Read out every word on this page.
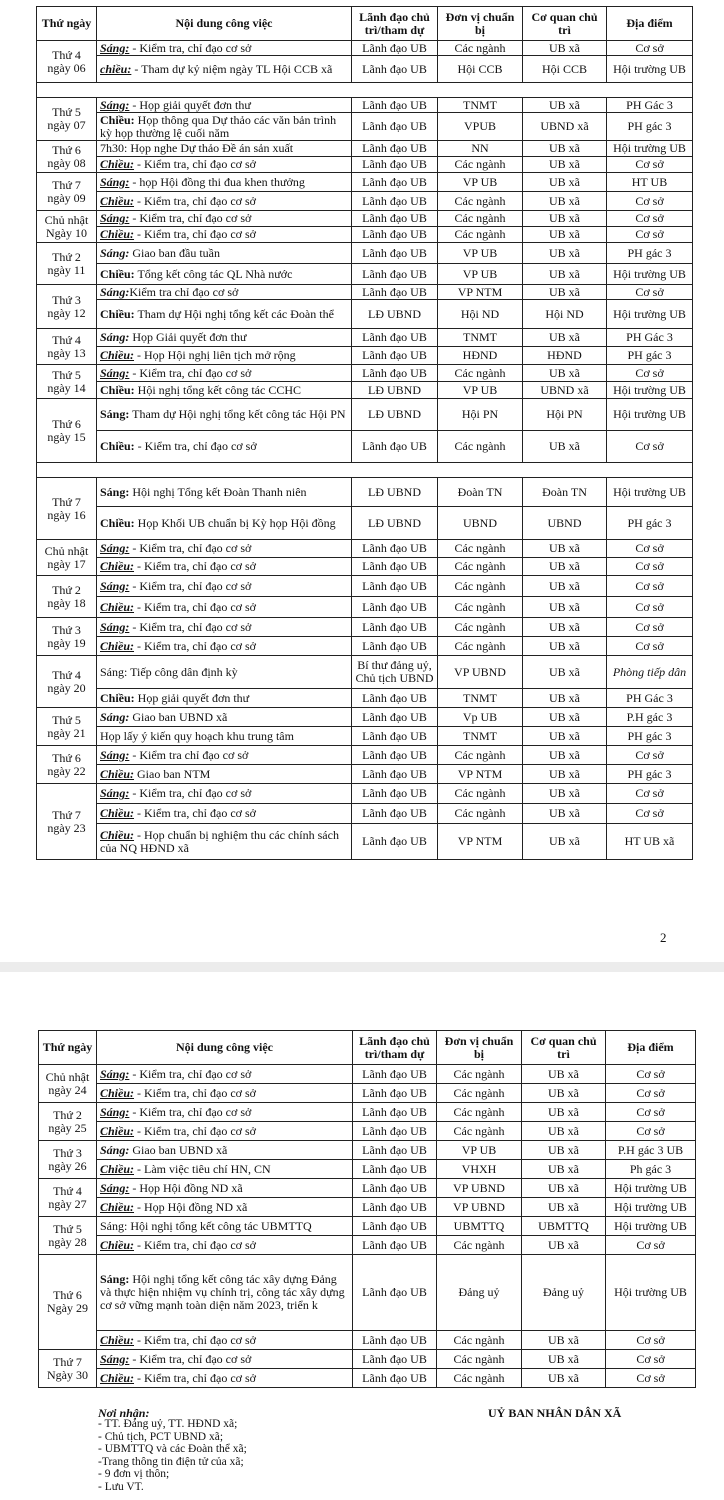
Thứ ngày	Nội dung công việc	Lãnh đạo chủ trì/tham dự	Đơn vị chuẩn bị	Cơ quan chủ trì	Địa điểm
Thứ 4 ngày 06	Sáng: - Kiểm tra, chỉ đạo cơ sở	Lãnh đạo UB	Các ngành	UB xã	Cơ sở
	chiều: - Tham dự kỷ niệm ngày TL Hội CCB xã	Lãnh đạo UB	Hội CCB	Hội CCB	Hội trường UB

Thứ 5 ngày 07	Sáng: - Họp giải quyết đơn thư	Lãnh đạo UB	TNMT	UB xã	PH Gác 3
	Chiều: Họp thông qua Dự thảo các văn bản trình kỳ họp thường lệ cuối năm	Lãnh đạo UB	VPUB	UBND xã	PH gác 3
Thứ 6 ngày 08	7h30: Họp nghe Dự thảo Đề án sản xuất	Lãnh đạo UB	NN	UB xã	Hội trường UB
	Chiều: - Kiểm tra, chỉ đạo cơ sở	Lãnh đạo UB	Các ngành	UB xã	Cơ sở
Thứ 7 ngày 09	Sáng: - họp Hội đồng thi đua khen thưởng	Lãnh đạo UB	VP UB	UB xã	HT UB
	Chiều: - Kiểm tra, chỉ đạo cơ sở	Lãnh đạo UB	Các ngành	UB xã	Cơ sở
Chủ nhật Ngày 10	Sáng: - Kiểm tra, chỉ đạo cơ sở	Lãnh đạo UB	Các ngành	UB xã	Cơ sở
	Chiều: - Kiểm tra, chỉ đạo cơ sở	Lãnh đạo UB	Các ngành	UB xã	Cơ sở
Thứ 2 ngày 11	Sáng: Giao ban đầu tuần	Lãnh đạo UB	VP UB	UB xã	PH gác 3
	Chiều: Tổng kết công tác QL Nhà nước	Lãnh đạo UB	VP UB	UB xã	Hội trường UB
Thứ 3 ngày 12	Sáng:Kiểm tra chỉ đạo cơ sở	Lãnh đạo UB	VP NTM	UB xã	Cơ sở
	Chiều: Tham dự Hội nghị tổng kết các Đoàn thể	LĐ UBND	Hội ND	Hội ND	Hội trường UB
Thứ 4 ngày 13	Sáng: Họp Giải quyết đơn thư	Lãnh đạo UB	TNMT	UB xã	PH Gác 3
	Chiều: - Họp Hội nghị liên tịch mở rộng	Lãnh đạo UB	HĐND	HĐND	PH gác 3
Thứ 5 ngày 14	Sáng: - Kiểm tra, chỉ đạo cơ sở	Lãnh đạo UB	Các ngành	UB xã	Cơ sở
	Chiều: Hội nghị tổng kết công tác CCHC	LĐ UBND	VP UB	UBND xã	Hội trường UB
Thứ 6 ngày 15	Sáng: Tham dự Hội nghị tổng kết công tác Hội PN	LĐ UBND	Hội PN	Hội PN	Hội trường UB
	Chiều: - Kiểm tra, chỉ đạo cơ sở	Lãnh đạo UB	Các ngành	UB xã	Cơ sở

Thứ 7 ngày 16	Sáng: Hội nghị Tổng kết Đoàn Thanh niên	LĐ UBND	Đoàn TN	Đoàn TN	Hội trường UB
	Chiều: Họp Khối UB chuẩn bị Kỳ họp Hội đồng	LĐ UBND	UBND	UBND	PH gác 3
Chủ nhật ngày 17	Sáng: - Kiểm tra, chỉ đạo cơ sở	Lãnh đạo UB	Các ngành	UB xã	Cơ sở
	Chiều: - Kiểm tra, chỉ đạo cơ sở	Lãnh đạo UB	Các ngành	UB xã	Cơ sở
Thứ 2 ngày 18	Sáng: - Kiểm tra, chỉ đạo cơ sở	Lãnh đạo UB	Các ngành	UB xã	Cơ sở
	Chiều: - Kiểm tra, chỉ đạo cơ sở	Lãnh đạo UB	Các ngành	UB xã	Cơ sở
Thứ 3 ngày 19	Sáng: - Kiểm tra, chỉ đạo cơ sở	Lãnh đạo UB	Các ngành	UB xã	Cơ sở
	Chiều: - Kiểm tra, chỉ đạo cơ sở	Lãnh đạo UB	Các ngành	UB xã	Cơ sở
Thứ 4 ngày 20	Sáng: Tiếp công dân định kỳ	Bí thư đảng uỷ, Chủ tịch UBND	VP UBND	UB xã	Phòng tiếp dân
	Chiều: Họp giải quyết đơn thư	Lãnh đạo UB	TNMT	UB xã	PH Gác 3
Thứ 5 ngày 21	Sáng: Giao ban UBND xã	Lãnh đạo UB	Vp UB	UB xã	P.H gác 3
	Họp lấy ý kiến quy hoạch khu trung tâm	Lãnh đạo UB	TNMT	UB xã	PH gác 3
Thứ 6 ngày 22	Sáng: - Kiểm tra chỉ đạo cơ sở	Lãnh đạo UB	Các ngành	UB xã	Cơ sở
	Chiều: Giao ban NTM	Lãnh đạo UB	VP NTM	UB xã	PH gác 3
Thứ 7 ngày 23	Sáng: - Kiểm tra, chỉ đạo cơ sở	Lãnh đạo UB	Các ngành	UB xã	Cơ sở
	Chiều: - Kiểm tra, chỉ đạo cơ sở	Lãnh đạo UB	Các ngành	UB xã	Cơ sở
	Chiều: - Họp chuẩn bị nghiệm thu các chính sách của NQ HĐND xã	Lãnh đạo UB	VP NTM	UB xã	HT UB xã
2
Thứ ngày	Nội dung công việc	Lãnh đạo chủ trì/tham dự	Đơn vị chuẩn bị	Cơ quan chủ trì	Địa điểm
Chủ nhật ngày 24	Sáng: - Kiểm tra, chỉ đạo cơ sở	Lãnh đạo UB	Các ngành	UB xã	Cơ sở
	Chiều: - Kiểm tra, chỉ đạo cơ sở	Lãnh đạo UB	Các ngành	UB xã	Cơ sở
Thứ 2 ngày 25	Sáng: - Kiểm tra, chỉ đạo cơ sở	Lãnh đạo UB	Các ngành	UB xã	Cơ sở
	Chiều: - Kiểm tra, chỉ đạo cơ sở	Lãnh đạo UB	Các ngành	UB xã	Cơ sở
Thứ 3 ngày 26	Sáng: Giao ban UBND xã	Lãnh đạo UB	VP UB	UB xã	P.H gác 3 UB
	Chiều: - Làm việc tiêu chí HN, CN	Lãnh đạo UB	VHXH	UB xã	Ph gác 3
Thứ 4 ngày 27	Sáng: - Họp Hội đồng ND xã	Lãnh đạo UB	VP UBND	UB xã	Hội trường UB
	Chiều: - Họp Hội đồng ND xã	Lãnh đạo UB	VP UBND	UB xã	Hội trường UB
Thứ 5 ngày 28	Sáng: Hội nghị tổng kết công tác UBMTTQ	Lãnh đạo UB	UBMTTQ	UBMTTQ	Hội trường UB
	Chiều: - Kiểm tra, chỉ đạo cơ sở	Lãnh đạo UB	Các ngành	UB xã	Cơ sở
Thứ 6 Ngày 29	Sáng: Hội nghị tổng kết công tác xây dựng Đảng và thực hiện nhiệm vụ chính trị, công tác xây dựng cơ sở vững mạnh toàn diện năm 2023, triển k	Lãnh đạo UB	Đảng uỷ	Đảng uỷ	Hội trường UB
	Chiều: - Kiểm tra, chỉ đạo cơ sở	Lãnh đạo UB	Các ngành	UB xã	Cơ sở
Thứ 7 Ngày 30	Sáng: - Kiểm tra, chỉ đạo cơ sở	Lãnh đạo UB	Các ngành	UB xã	Cơ sở
	Chiều: - Kiểm tra, chỉ đạo cơ sở	Lãnh đạo UB	Các ngành	UB xã	Cơ sở
Nơi nhận:
- TT. Đảng uỷ, TT. HĐND xã;
- Chủ tịch, PCT UBND xã;
- UBMTTQ và các Đoàn thể xã;
-Trang thông tin điện tử của xã;
- 9 đơn vị thôn;
- Lưu VT.
UỶ BAN NHÂN DÂN XÃ
